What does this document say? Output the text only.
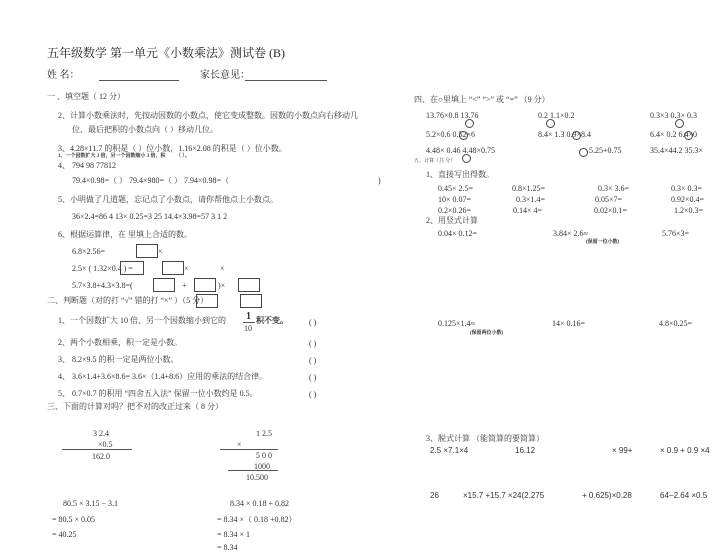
五年级数学 第一单元《小数乘法》测试卷 (B)
姓 名：	家长意见：
一 、填空题（ 12 分）
2、计算小数乘法时，先按动因数的小数点，使它变成整数。因数的小数点向右移动几
位、最后把积的小数点向（ ）移动几位。
3、4.28×11.7 的积是（ ）位小数，1.16×2.08 的积是（ ）位小数。
1、一个因数扩大 3 倍，另一个因数缩小 3 倍，积 （ ）。
4、 794 98 77812
79.4×0.98=（ ） 79.4×980=（ ） 7.94×0.98=（	)
5、小明做了几道题，忘记点了小数点，请你帮他点上小数点。
36×2.4=86 4 13× 0.25=3 25 14.4×3.98=57 3 1 2
6、根据运算律，在 里填上合适的数。
6.8×2.56=	×
2.5× ( 1.32×0.4 ) =	×	×
5.7×3.8+4.3×3.8=(	+	)×
二、判断题（对的打 “√” 错的打 “×” ）（5 分）
1、一个因数扩大 10 倍、另一个因数缩小到它的 1
10
积不变。
2、两个小数相乘，积一定是小数。
3、 8.2×9.5 的积一定是两位小数。
4、 3.6×1.4+3.6×8.6= 3.6×（1.4+8.6）应用的乘法的结合律。
5、 0.7×0.7 的积用 “四舍五入法” 保留一位小数约是 0.5。
( )
( )
( )
( )
( )
三、下面的计算对吗？把不对的改正过来（ 8 分）
3 2.4
×0.5
162.0
1 2.5
×
5 0 0
1000
10.500
80.5 × 3.15 − 3.1
= 80.5 × 0.05
= 40.25
8.34 × 0.18 + 0.82
= 8.34 ×（ 0.18 +0.82）
= 8.34 × 1
= 8.34
四、在○里填上 “<” “>” 或 “=” （9 分）
13.76×0.8 13.76	0.2 1.1×0.2	0.3×3 0.3× 0.3
5.2×0.6 0.52×6	8.4× 1.3 0.9×8.4	6.4× 0.2 6.4×0
4.48× 0.46 4.48×0.75	5.25+0.75	35.4×44.2 35.3×
五、计算（共 分）
1、直接写出得数。
0.45× 2.5=	0.8×1.25=	0.3× 3.6=	0.3× 0.3=
10× 0.07=	0.3×1.4=	0.05×7=	0.92×0.4=
0.2×0.26=	0.14× 4=	0.02×0.1=	1.2×0.3=
2、用竖式计算
0.04× 0.12=	3.84× 2.6≈
(保留一位小数)
5.76×3=
0.125×1.4≈
(保留两位小数)
14× 0.16=	4.8×0.25=
3、脱式计算 （能简算的要简算）
2.5 ×7.1×4	16.12	× 99+	× 0.9 + 0.9 ×4
26	×15.7 +15.7 ×24(2.275	+ 0.625)×0.28	64−2.64 ×0.5
